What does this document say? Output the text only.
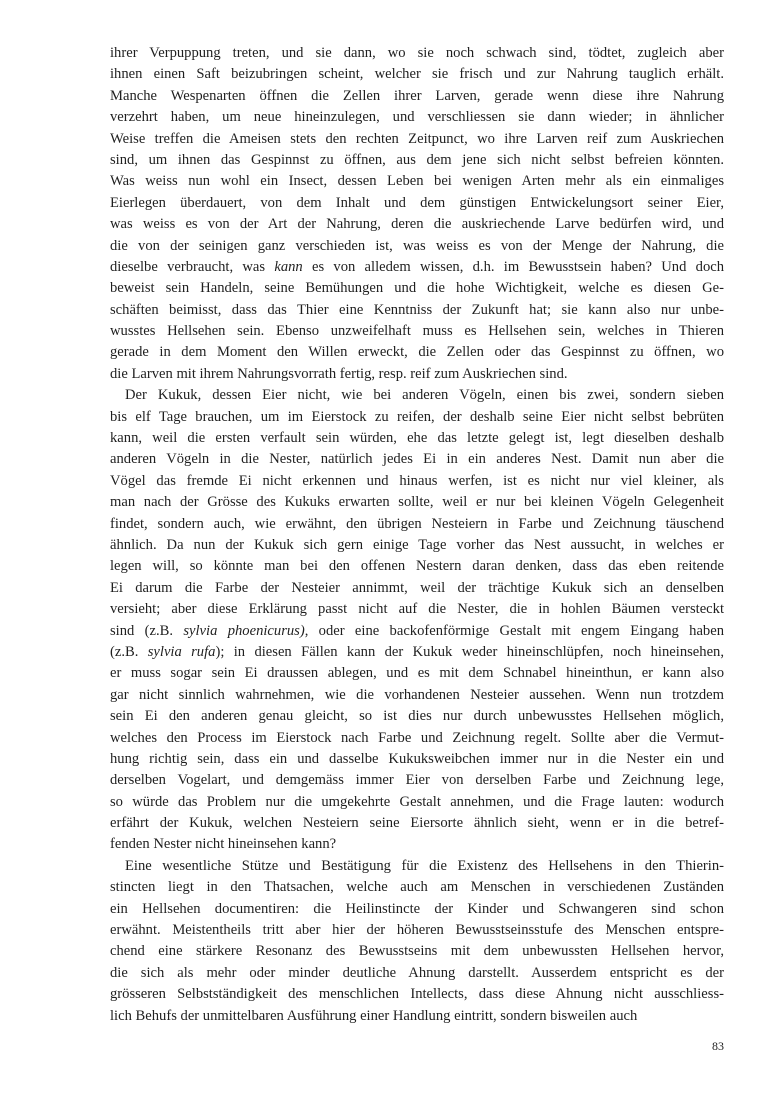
ihrer Verpuppung treten, und sie dann, wo sie noch schwach sind, tödtet, zugleich aber
ihnen einen Saft beizubringen scheint, welcher sie frisch und zur Nahrung tauglich erhält.
Manche Wespenarten öffnen die Zellen ihrer Larven, gerade wenn diese ihre Nahrung
verzehrt haben, um neue hineinzulegen, und verschliessen sie dann wieder; in ähnlicher
Weise treffen die Ameisen stets den rechten Zeitpunct, wo ihre Larven reif zum Auskriechen
sind, um ihnen das Gespinnst zu öffnen, aus dem jene sich nicht selbst befreien könnten.
Was weiss nun wohl ein Insect, dessen Leben bei wenigen Arten mehr als ein einmaliges
Eierlegen überdauert, von dem Inhalt und dem günstigen Entwickelungsort seiner Eier,
was weiss es von der Art der Nahrung, deren die auskriechende Larve bedürfen wird, und
die von der seinigen ganz verschieden ist, was weiss es von der Menge der Nahrung, die
dieselbe verbraucht, was kann es von alledem wissen, d.h. im Bewusstsein haben? Und doch
beweist sein Handeln, seine Bemühungen und die hohe Wichtigkeit, welche es diesen Ge-
schäften beimisst, dass das Thier eine Kenntniss der Zukunft hat; sie kann also nur unbe-
wusstes Hellsehen sein. Ebenso unzweifelhaft muss es Hellsehen sein, welches in Thieren
gerade in dem Moment den Willen erweckt, die Zellen oder das Gespinnst zu öffnen, wo
die Larven mit ihrem Nahrungsvorrath fertig, resp. reif zum Auskriechen sind.
Der Kukuk, dessen Eier nicht, wie bei anderen Vögeln, einen bis zwei, sondern sieben
bis elf Tage brauchen, um im Eierstock zu reifen, der deshalb seine Eier nicht selbst bebrüten
kann, weil die ersten verfault sein würden, ehe das letzte gelegt ist, legt dieselben deshalb
anderen Vögeln in die Nester, natürlich jedes Ei in ein anderes Nest. Damit nun aber die
Vögel das fremde Ei nicht erkennen und hinaus werfen, ist es nicht nur viel kleiner, als
man nach der Grösse des Kukuks erwarten sollte, weil er nur bei kleinen Vögeln Gelegenheit
findet, sondern auch, wie erwähnt, den übrigen Nesteiern in Farbe und Zeichnung täuschend
ähnlich. Da nun der Kukuk sich gern einige Tage vorher das Nest aussucht, in welches er
legen will, so könnte man bei den offenen Nestern daran denken, dass das eben reitende
Ei darum die Farbe der Nesteier annimmt, weil der trächtige Kukuk sich an denselben
versieht; aber diese Erklärung passt nicht auf die Nester, die in hohlen Bäumen versteckt
sind (z.B. sylvia phoenicurus), oder eine backofenförmige Gestalt mit engem Eingang haben
(z.B. sylvia rufa); in diesen Fällen kann der Kukuk weder hineinschlüpfen, noch hineinsehen,
er muss sogar sein Ei draussen ablegen, und es mit dem Schnabel hineinthun, er kann also
gar nicht sinnlich wahrnehmen, wie die vorhandenen Nesteier aussehen. Wenn nun trotzdem
sein Ei den anderen genau gleicht, so ist dies nur durch unbewusstes Hellsehen möglich,
welches den Process im Eierstock nach Farbe und Zeichnung regelt. Sollte aber die Vermut-
hung richtig sein, dass ein und dasselbe Kukuksweibchen immer nur in die Nester ein und
derselben Vogelart, und demgemäss immer Eier von derselben Farbe und Zeichnung lege,
so würde das Problem nur die umgekehrte Gestalt annehmen, und die Frage lauten: wodurch
erfährt der Kukuk, welchen Nesteiern seine Eiersorte ähnlich sieht, wenn er in die betref-
fenden Nester nicht hineinsehen kann?
Eine wesentliche Stütze und Bestätigung für die Existenz des Hellsehens in den Thierin-
stincten liegt in den Thatsachen, welche auch am Menschen in verschiedenen Zuständen
ein Hellsehen documentiren: die Heilinstincte der Kinder und Schwangeren sind schon
erwähnt. Meistentheils tritt aber hier der höheren Bewusstseinsstufe des Menschen entspre-
chend eine stärkere Resonanz des Bewusstseins mit dem unbewussten Hellsehen hervor,
die sich als mehr oder minder deutliche Ahnung darstellt. Ausserdem entspricht es der
grösseren Selbstständigkeit des menschlichen Intellects, dass diese Ahnung nicht ausschliess-
lich Behufs der unmittelbaren Ausführung einer Handlung eintritt, sondern bisweilen auch
83
